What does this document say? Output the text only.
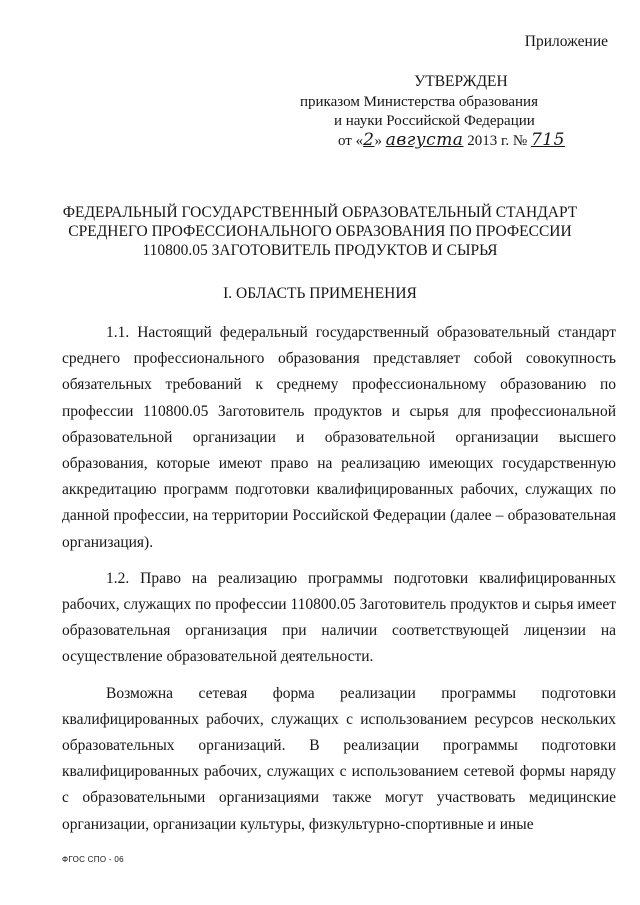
Приложение
УТВЕРЖДЕН
приказом Министерства образования
и науки Российской Федерации
от «2» августа 2013 г. № 715
ФЕДЕРАЛЬНЫЙ ГОСУДАРСТВЕННЫЙ ОБРАЗОВАТЕЛЬНЫЙ СТАНДАРТ СРЕДНЕГО ПРОФЕССИОНАЛЬНОГО ОБРАЗОВАНИЯ ПО ПРОФЕССИИ 110800.05 ЗАГОТОВИТЕЛЬ ПРОДУКТОВ И СЫРЬЯ
I. ОБЛАСТЬ ПРИМЕНЕНИЯ

1.1. Настоящий федеральный государственный образовательный стандарт среднего профессионального образования представляет собой совокупность обязательных требований к среднему профессиональному образованию по профессии 110800.05 Заготовитель продуктов и сырья для профессиональной образовательной организации и образовательной организации высшего образования, которые имеют право на реализацию имеющих государственную аккредитацию программ подготовки квалифицированных рабочих, служащих по данной профессии, на территории Российской Федерации (далее – образовательная организация).

1.2. Право на реализацию программы подготовки квалифицированных рабочих, служащих по профессии 110800.05 Заготовитель продуктов и сырья имеет образовательная организация при наличии соответствующей лицензии на осуществление образовательной деятельности.

Возможна сетевая форма реализации программы подготовки квалифицированных рабочих, служащих с использованием ресурсов нескольких образовательных организаций. В реализации программы подготовки квалифицированных рабочих, служащих с использованием сетевой формы наряду с образовательными организациями также могут участвовать медицинские организации, организации культуры, физкультурно-спортивные и иные

ФГОС СПО - 06
